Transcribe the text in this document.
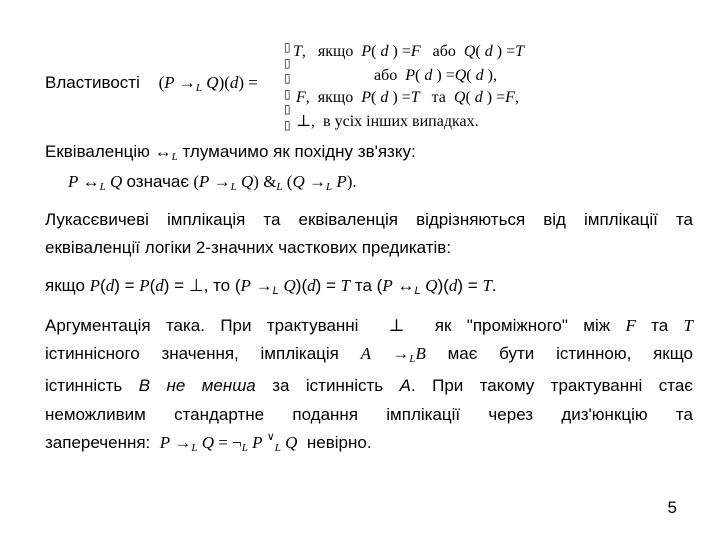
Властивості (P →L Q)(d) =
▯
▯
▯
▯
▯
▯
T,   якщо  P( d ) =F   або  Q( d ) =T
або  P( d ) =Q( d ),
F,  якщо  P( d ) =T   та  Q( d ) =F,
⊥,  в усіх інших випадках.
Еквіваленцію ↔L тлумачимо як похідну зв'язку:
P ↔L Q означає (P →L Q) &L (Q →L P).
Лукасєвичеві імплікація та еквіваленція відрізняються від імплікації та
еквіваленції логіки 2-значних часткових предикатів:
якщо P(d) = P(d) = ⊥, то (P →L Q)(d) = T та (P ↔L Q)(d) = T.
Аргументація така. При трактуванні  ⊥  як "проміжного" між F та T
істиннісного значення, імплікація A →LB має бути істинною, якщо
істинність B не менша за істинність A. При такому трактуванні стає
неможливим стандартне подання імплікації через диз'юнкцію та
заперечення:  P →L Q = ¬L P ∨L Q  невірно.
5
